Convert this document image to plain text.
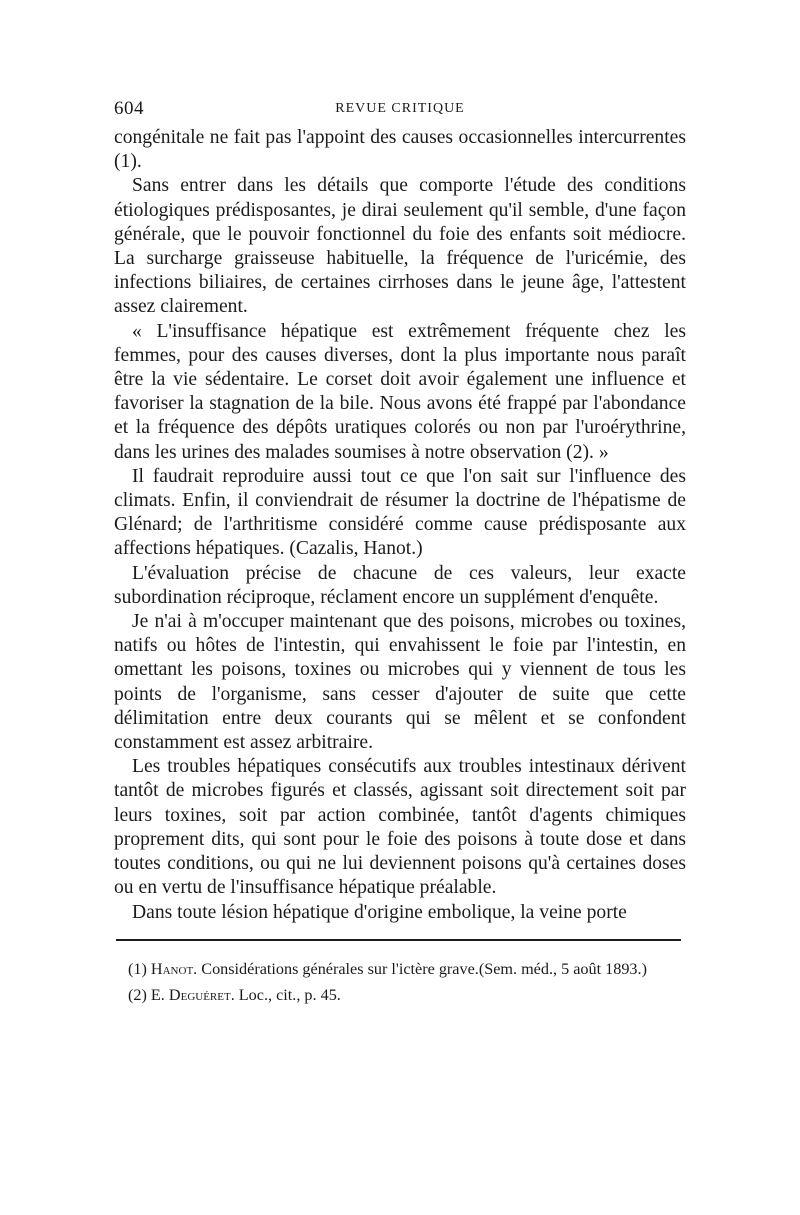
604	REVUE CRITIQUE

congénitale ne fait pas l'appoint des causes occasionnelles intercurrentes (1).

Sans entrer dans les détails que comporte l'étude des conditions étiologiques prédisposantes, je dirai seulement qu'il semble, d'une façon générale, que le pouvoir fonctionnel du foie des enfants soit médiocre. La surcharge graisseuse habituelle, la fréquence de l'uricémie, des infections biliaires, de certaines cirrhoses dans le jeune âge, l'attestent assez clairement.

« L'insuffisance hépatique est extrêmement fréquente chez les femmes, pour des causes diverses, dont la plus importante nous paraît être la vie sédentaire. Le corset doit avoir également une influence et favoriser la stagnation de la bile. Nous avons été frappé par l'abondance et la fréquence des dépôts uratiques colorés ou non par l'uroérythrine, dans les urines des malades soumises à notre observation (2). »

Il faudrait reproduire aussi tout ce que l'on sait sur l'influence des climats. Enfin, il conviendrait de résumer la doctrine de l'hépatisme de Glénard; de l'arthritisme considéré comme cause prédisposante aux affections hépatiques. (Cazalis, Hanot.)

L'évaluation précise de chacune de ces valeurs, leur exacte subordination réciproque, réclament encore un supplément d'enquête.

Je n'ai à m'occuper maintenant que des poisons, microbes ou toxines, natifs ou hôtes de l'intestin, qui envahissent le foie par l'intestin, en omettant les poisons, toxines ou microbes qui y viennent de tous les points de l'organisme, sans cesser d'ajouter de suite que cette délimitation entre deux courants qui se mêlent et se confondent constamment est assez arbitraire.

Les troubles hépatiques consécutifs aux troubles intestinaux dérivent tantôt de microbes figurés et classés, agissant soit directement soit par leurs toxines, soit par action combinée, tantôt d'agents chimiques proprement dits, qui sont pour le foie des poisons à toute dose et dans toutes conditions, ou qui ne lui deviennent poisons qu'à certaines doses ou en vertu de l'insuffisance hépatique préalable.

Dans toute lésion hépatique d'origine embolique, la veine porte

(1) Hanot. Considérations générales sur l'ictère grave.(Sem. méd., 5 août 1893.)

(2) E. Deguéret. Loc., cit., p. 45.
